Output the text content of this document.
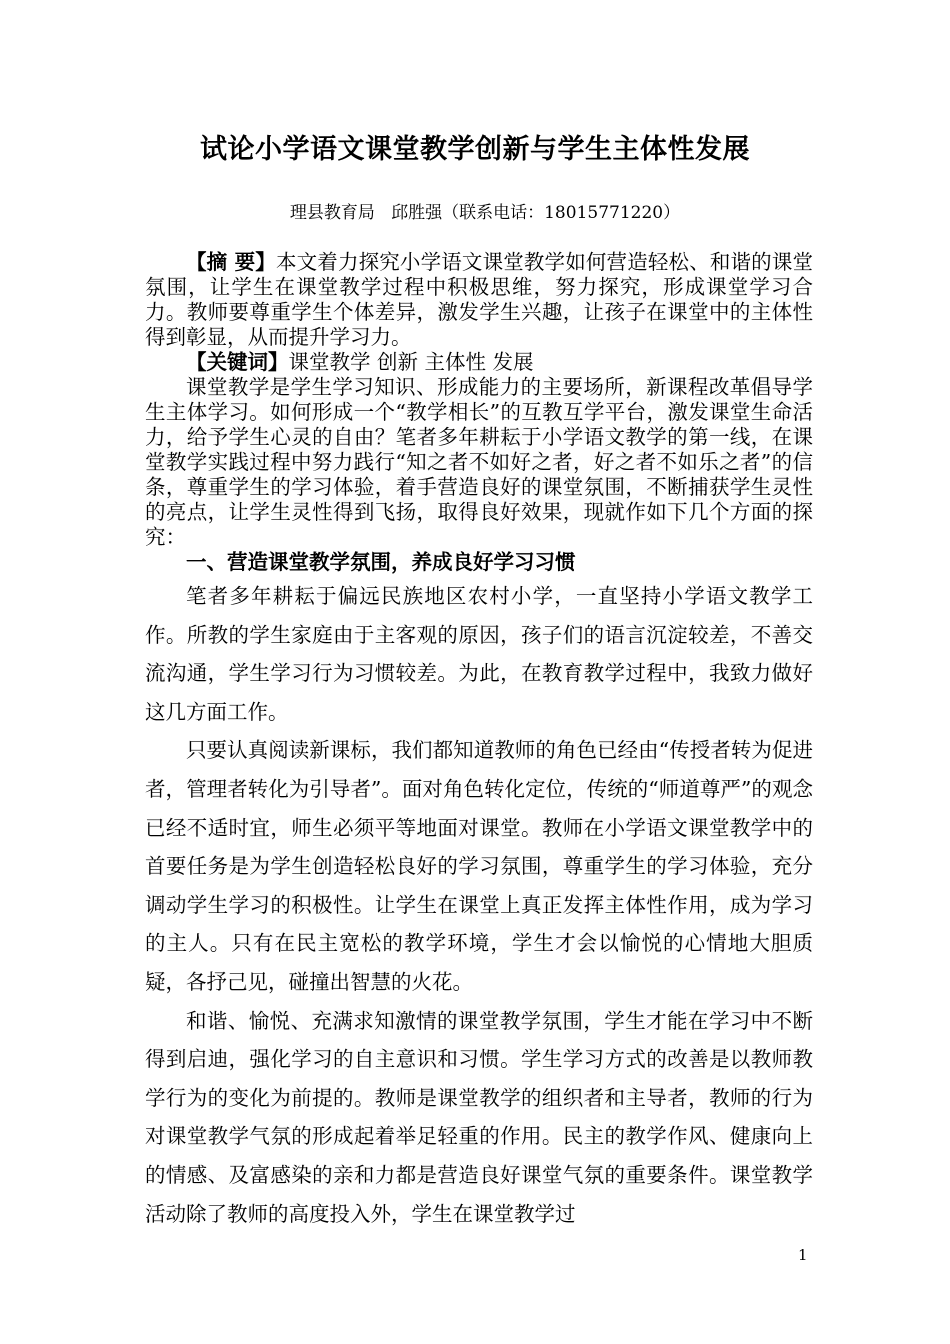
试论小学语文课堂教学创新与学生主体性发展
理县教育局   邱胜强（联系电话：18015771220）
【摘 要】本文着力探究小学语文课堂教学如何营造轻松、和谐的课堂氛围，让学生在课堂教学过程中积极思维，努力探究，形成课堂学习合力。教师要尊重学生个体差异，激发学生兴趣，让孩子在课堂中的主体性得到彰显，从而提升学习力。
【关键词】课堂教学 创新 主体性 发展
课堂教学是学生学习知识、形成能力的主要场所，新课程改革倡导学生主体学习。如何形成一个“教学相长”的互教互学平台，激发课堂生命活力，给予学生心灵的自由？笔者多年耕耘于小学语文教学的第一线，在课堂教学实践过程中努力践行“知之者不如好之者，好之者不如乐之者”的信条，尊重学生的学习体验，着手营造良好的课堂氛围，不断捕获学生灵性的亮点，让学生灵性得到飞扬，取得良好效果，现就作如下几个方面的探究：
一、营造课堂教学氛围，养成良好学习习惯

笔者多年耕耘于偏远民族地区农村小学，一直坚持小学语文教学工作。所教的学生家庭由于主客观的原因，孩子们的语言沉淀较差，不善交流沟通，学生学习行为习惯较差。为此，在教育教学过程中，我致力做好这几方面工作。

只要认真阅读新课标，我们都知道教师的角色已经由“传授者转为促进者，管理者转化为引导者”。面对角色转化定位，传统的“师道尊严”的观念已经不适时宜，师生必须平等地面对课堂。教师在小学语文课堂教学中的首要任务是为学生创造轻松良好的学习氛围，尊重学生的学习体验，充分调动学生学习的积极性。让学生在课堂上真正发挥主体性作用，成为学习的主人。只有在民主宽松的教学环境，学生才会以愉悦的心情地大胆质疑，各抒己见，碰撞出智慧的火花。

和谐、愉悦、充满求知激情的课堂教学氛围，学生才能在学习中不断得到启迪，强化学习的自主意识和习惯。学生学习方式的改善是以教师教学行为的变化为前提的。教师是课堂教学的组织者和主导者，教师的行为对课堂教学气氛的形成起着举足轻重的作用。民主的教学作风、健康向上的情感、及富感染的亲和力都是营造良好课堂气氛的重要条件。课堂教学活动除了教师的高度投入外，学生在课堂教学过

1
